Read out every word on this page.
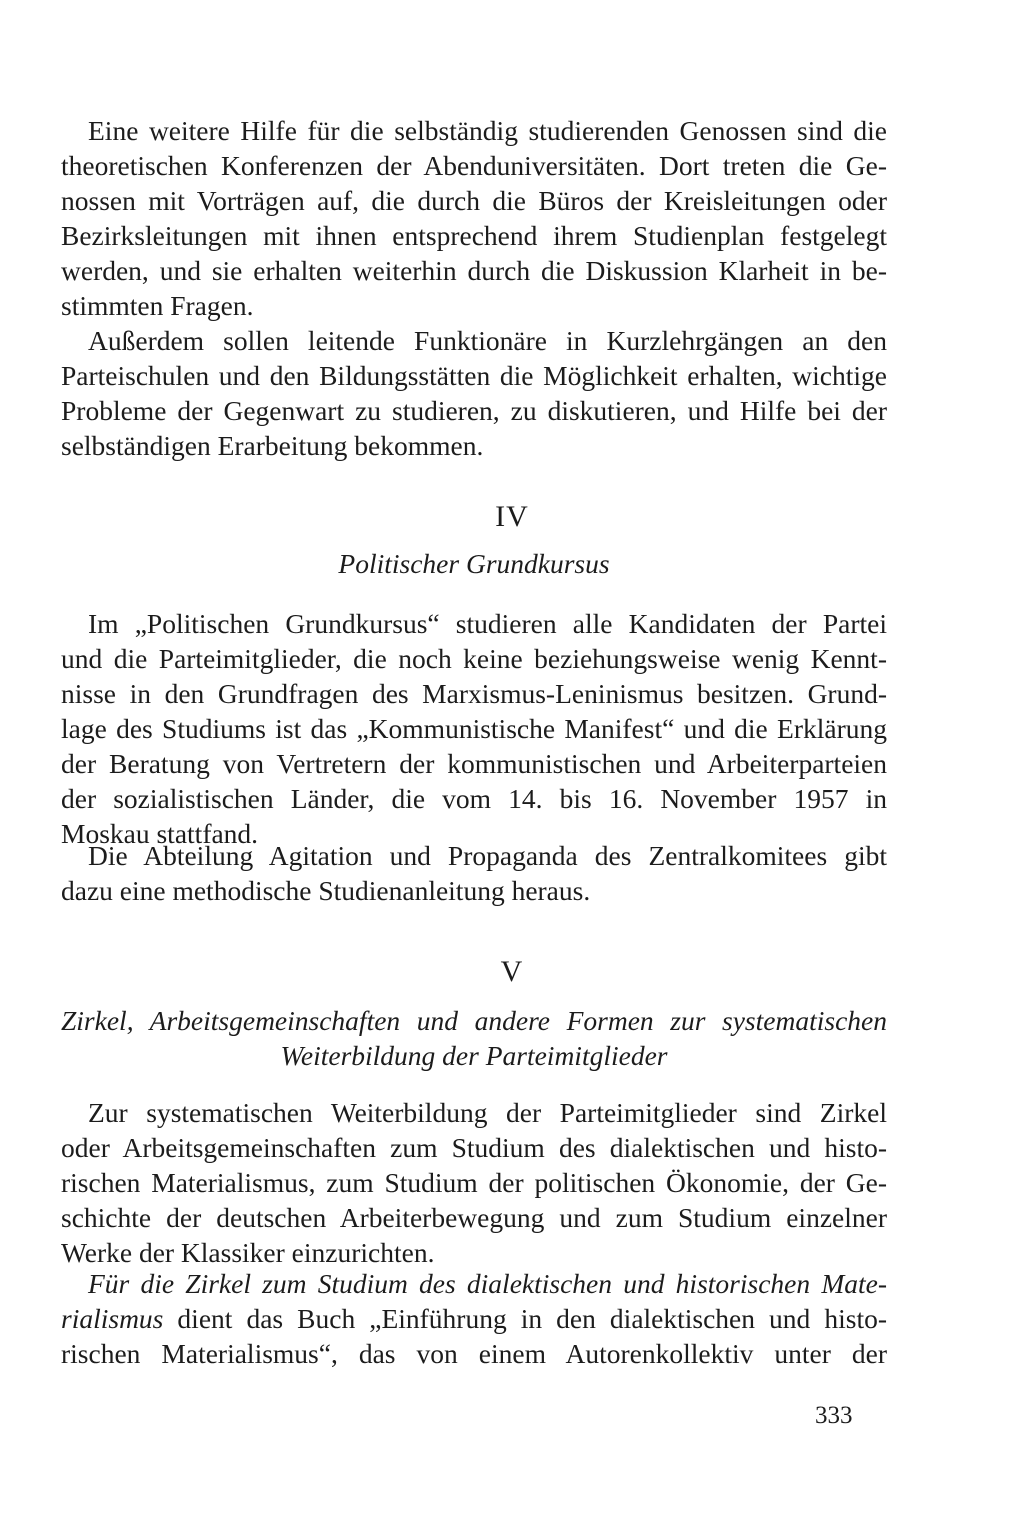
Eine weitere Hilfe für die selbständig studierenden Genossen sind die
theoretischen Konferenzen der Abenduniversitäten. Dort treten die Ge-
nossen mit Vorträgen auf, die durch die Büros der Kreisleitungen oder
Bezirksleitungen mit ihnen entsprechend ihrem Studienplan festgelegt
werden, und sie erhalten weiterhin durch die Diskussion Klarheit in be-
stimmten Fragen.
Außerdem sollen leitende Funktionäre in Kurzlehrgängen an den
Parteischulen und den Bildungsstätten die Möglichkeit erhalten, wichtige
Probleme der Gegenwart zu studieren, zu diskutieren, und Hilfe bei der
selbständigen Erarbeitung bekommen.

IV

Politischer Grundkursus

Im „Politischen Grundkursus“ studieren alle Kandidaten der Partei
und die Parteimitglieder, die noch keine beziehungsweise wenig Kennt-
nisse in den Grundfragen des Marxismus-Leninismus besitzen. Grund-
lage des Studiums ist das „Kommunistische Manifest“ und die Erklärung
der Beratung von Vertretern der kommunistischen und Arbeiterparteien
der sozialistischen Länder, die vom 14. bis 16. November 1957 in
Moskau stattfand.
Die Abteilung Agitation und Propaganda des Zentralkomitees gibt
dazu eine methodische Studienanleitung heraus.

V

Zirkel, Arbeitsgemeinschaften und andere Formen zur systematischen
Weiterbildung der Parteimitglieder
Zur systematischen Weiterbildung der Parteimitglieder sind Zirkel
oder Arbeitsgemeinschaften zum Studium des dialektischen und histo-
rischen Materialismus, zum Studium der politischen Ökonomie, der Ge-
schichte der deutschen Arbeiterbewegung und zum Studium einzelner
Werke der Klassiker einzurichten.
Für die Zirkel zum Studium des dialektischen und historischen Mate-
rialismus dient das Buch „Einführung in den dialektischen und histo-
rischen Materialismus“, das von einem Autorenkollektiv unter der

333
